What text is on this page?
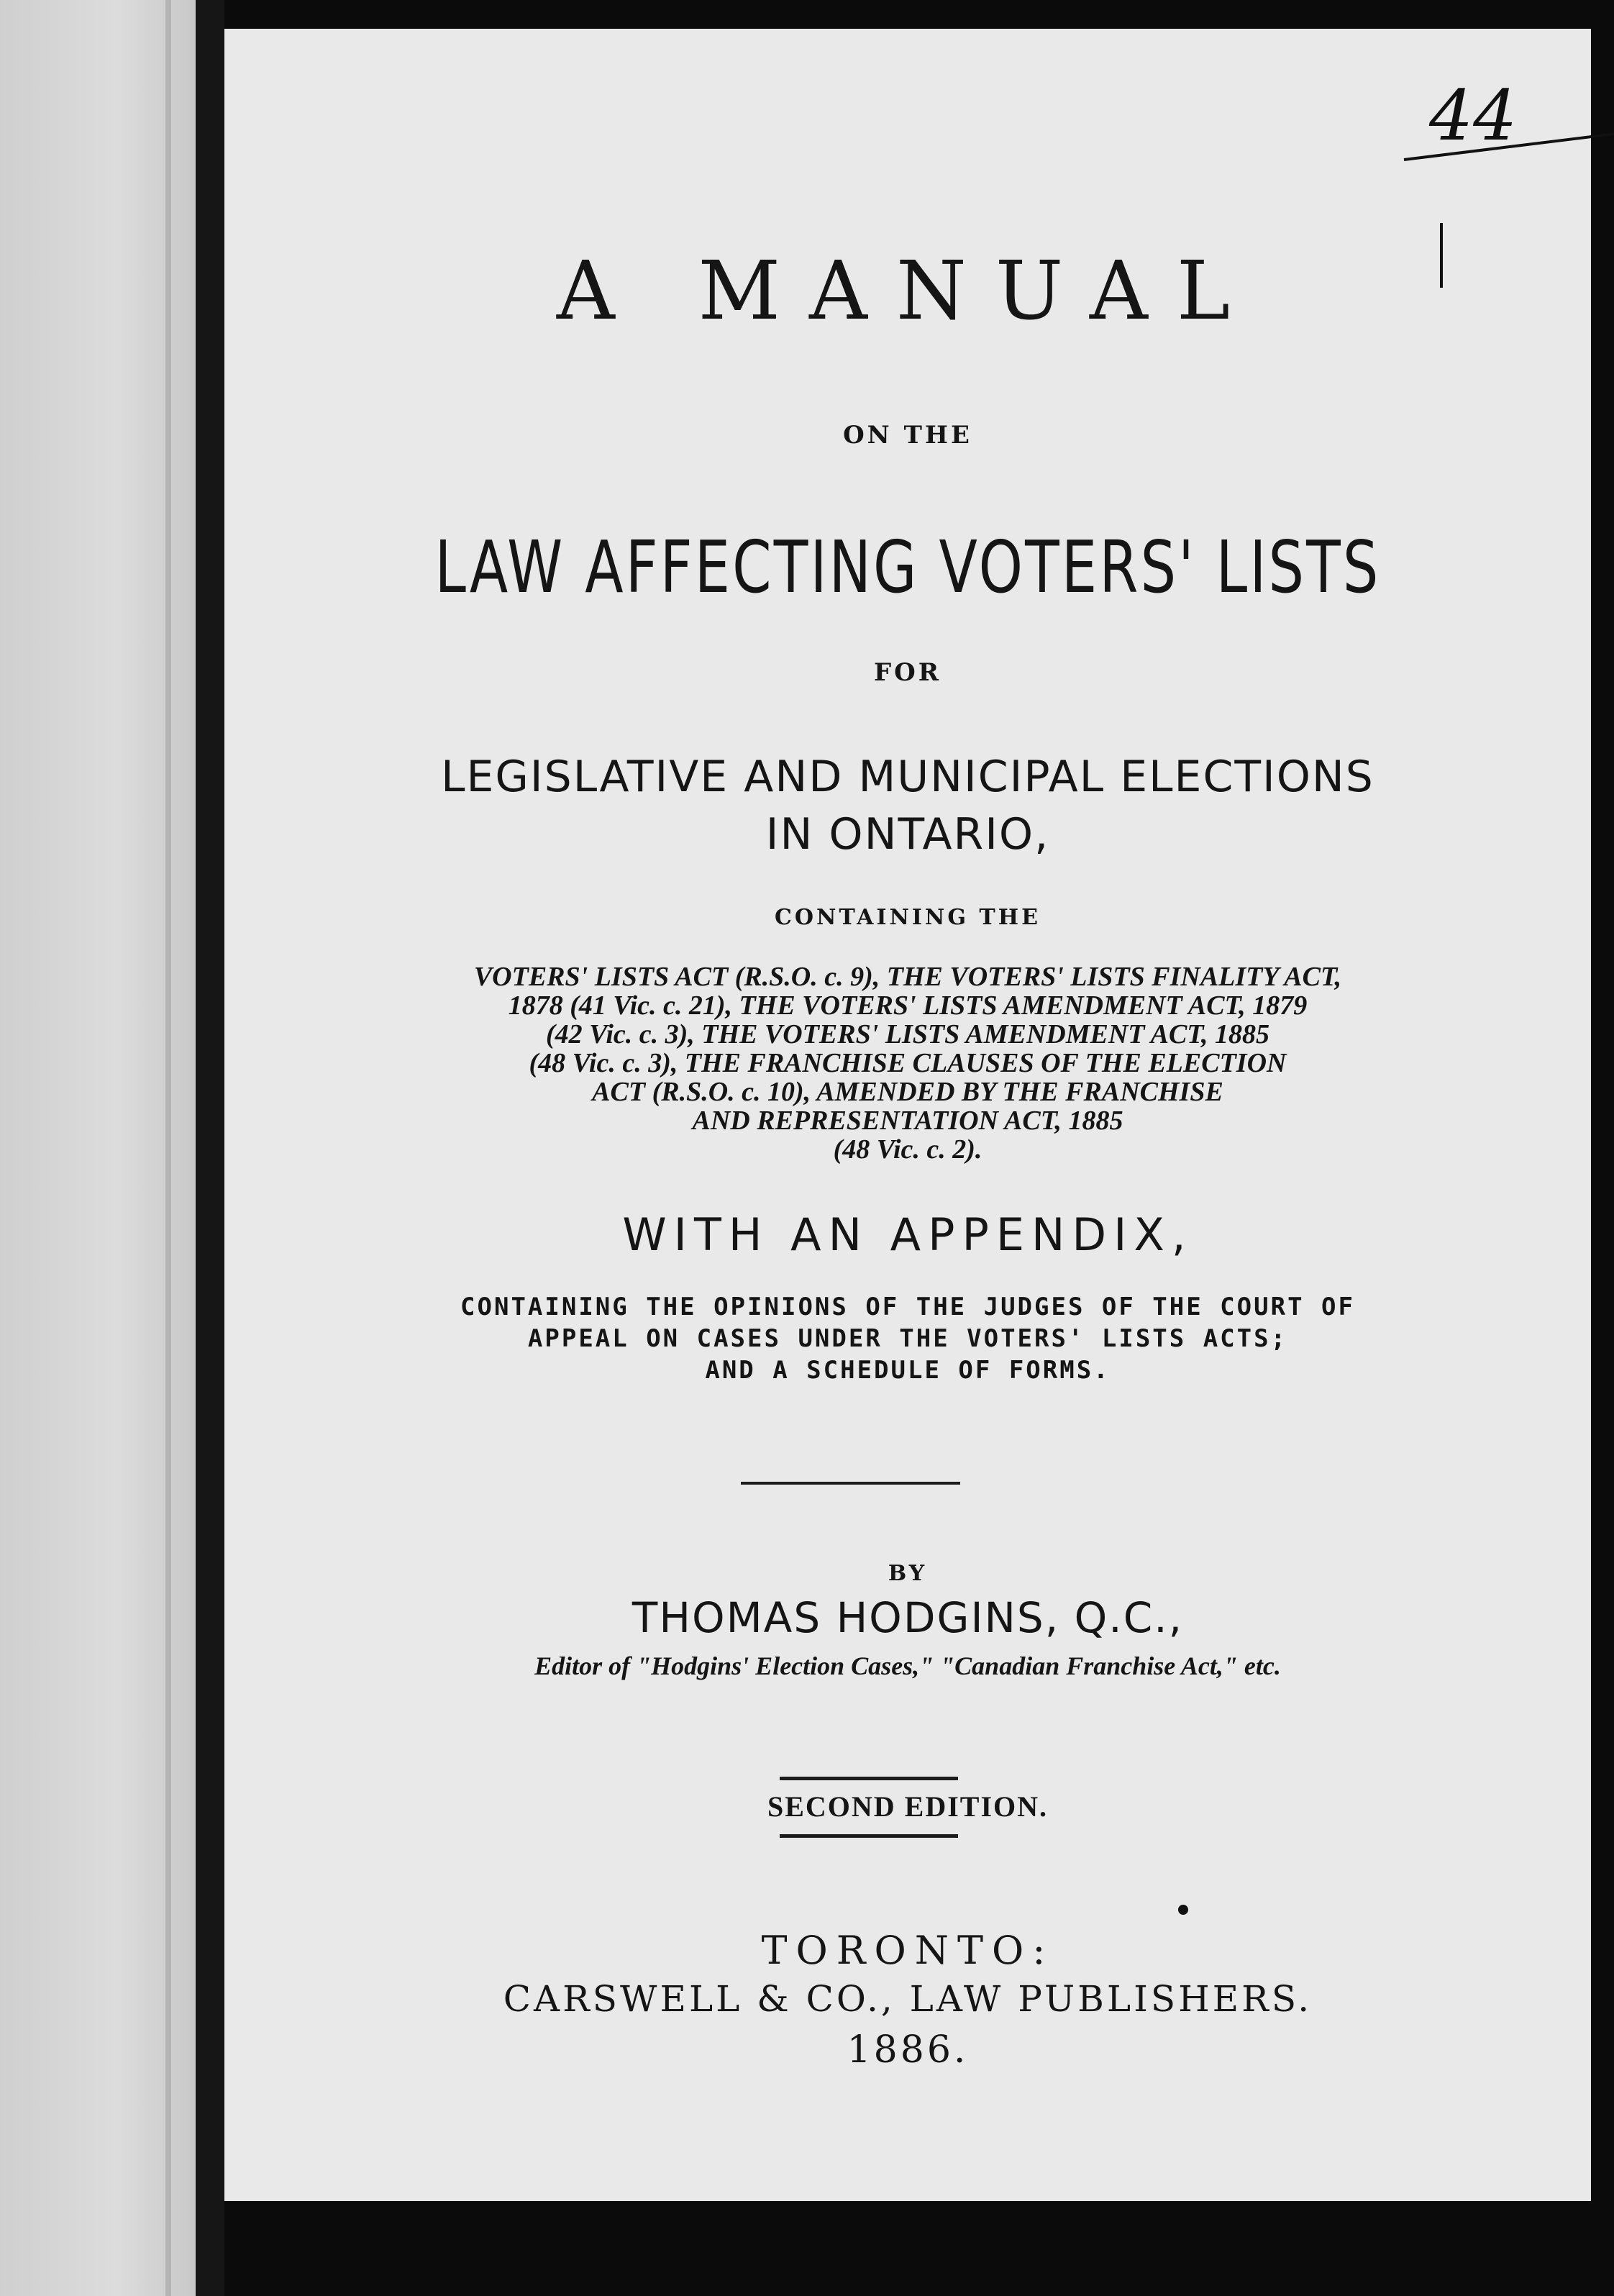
44
A MANUAL
ON THE
LAW AFFECTING VOTERS' LISTS
FOR
LEGISLATIVE AND MUNICIPAL ELECTIONS
IN ONTARIO,
CONTAINING THE
VOTERS' LISTS ACT (R.S.O. c. 9), THE VOTERS' LISTS FINALITY ACT,
1878 (41 Vic. c. 21), THE VOTERS' LISTS AMENDMENT ACT, 1879
(42 Vic. c. 3), THE VOTERS' LISTS AMENDMENT ACT, 1885
(48 Vic. c. 3), THE FRANCHISE CLAUSES OF THE ELECTION
ACT (R.S.O. c. 10), AMENDED BY THE FRANCHISE
AND REPRESENTATION ACT, 1885
(48 Vic. c. 2).
WITH AN APPENDIX,
CONTAINING THE OPINIONS OF THE JUDGES OF THE COURT OF
APPEAL ON CASES UNDER THE VOTERS' LISTS ACTS;
AND A SCHEDULE OF FORMS.
BY
THOMAS HODGINS, Q.C.,
Editor of "Hodgins' Election Cases," "Canadian Franchise Act," etc.
SECOND EDITION.
TORONTO:
CARSWELL & CO., LAW PUBLISHERS.
1886.
